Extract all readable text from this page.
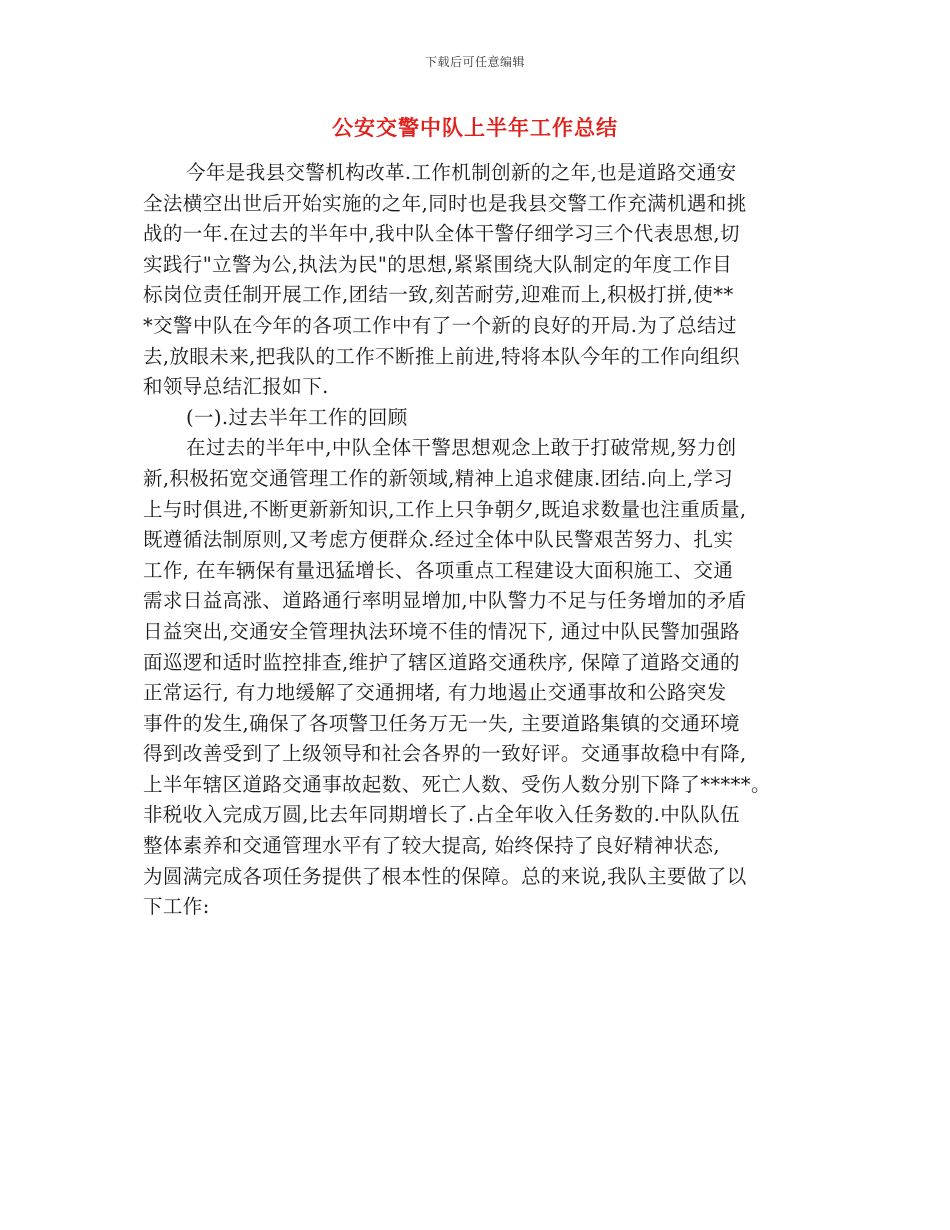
下载后可任意编辑
公安交警中队上半年工作总结
今年是我县交警机构改革.工作机制创新的之年,也是道路交通安
全法横空出世后开始实施的之年,同时也是我县交警工作充满机遇和挑
战的一年.在过去的半年中,我中队全体干警仔细学习三个代表思想,切
实践行"立警为公,执法为民"的思想,紧紧围绕大队制定的年度工作目
标岗位责任制开展工作,团结一致,刻苦耐劳,迎难而上,积极打拼,使**
*交警中队在今年的各项工作中有了一个新的良好的开局.为了总结过
去,放眼未来,把我队的工作不断推上前进,特将本队今年的工作向组织
和领导总结汇报如下.
(一).过去半年工作的回顾
在过去的半年中,中队全体干警思想观念上敢于打破常规,努力创
新,积极拓宽交通管理工作的新领域,精神上追求健康.团结.向上,学习
上与时俱进,不断更新新知识,工作上只争朝夕,既追求数量也注重质量,
既遵循法制原则,又考虑方便群众.经过全体中队民警艰苦努力、扎实
工作, 在车辆保有量迅猛增长、各项重点工程建设大面积施工、交通
需求日益高涨、道路通行率明显增加,中队警力不足与任务增加的矛盾
日益突出,交通安全管理执法环境不佳的情况下, 通过中队民警加强路
面巡逻和适时监控排查,维护了辖区道路交通秩序, 保障了道路交通的
正常运行, 有力地缓解了交通拥堵, 有力地遏止交通事故和公路突发
事件的发生,确保了各项警卫任务万无一失, 主要道路集镇的交通环境
得到改善受到了上级领导和社会各界的一致好评。交通事故稳中有降,
上半年辖区道路交通事故起数、死亡人数、受伤人数分别下降了*****。
非税收入完成万圆,比去年同期增长了.占全年收入任务数的.中队队伍
整体素养和交通管理水平有了较大提高, 始终保持了良好精神状态,
为圆满完成各项任务提供了根本性的保障。总的来说,我队主要做了以
下工作:
